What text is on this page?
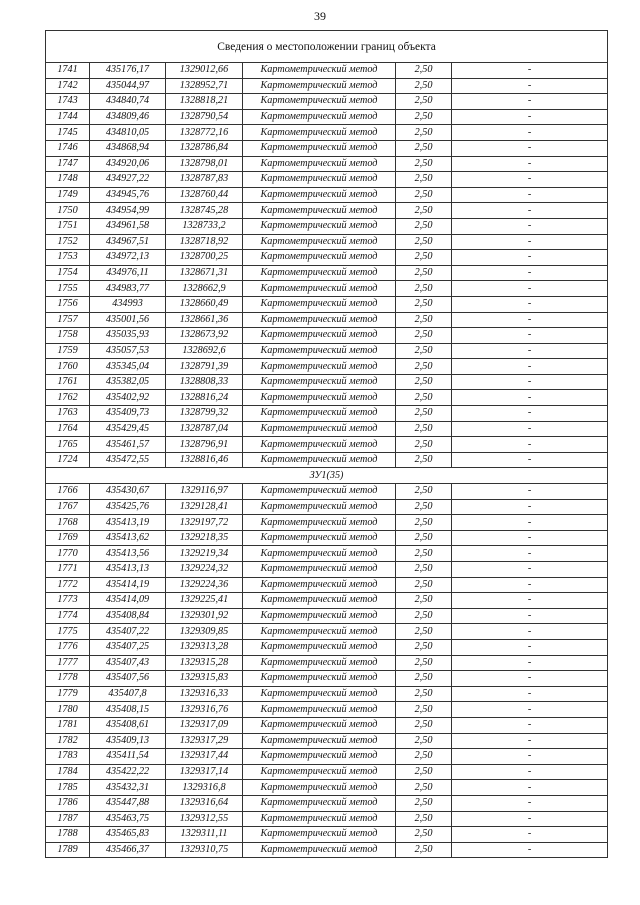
39
Сведения о местоположении границ объекта					
1741	435176,17	1329012,66	Картометрический метод	2,50	-
1742	435044,97	1328952,71	Картометрический метод	2,50	-
1743	434840,74	1328818,21	Картометрический метод	2,50	-
1744	434809,46	1328790,54	Картометрический метод	2,50	-
1745	434810,05	1328772,16	Картометрический метод	2,50	-
1746	434868,94	1328786,84	Картометрический метод	2,50	-
1747	434920,06	1328798,01	Картометрический метод	2,50	-
1748	434927,22	1328787,83	Картометрический метод	2,50	-
1749	434945,76	1328760,44	Картометрический метод	2,50	-
1750	434954,99	1328745,28	Картометрический метод	2,50	-
1751	434961,58	1328733,2	Картометрический метод	2,50	-
1752	434967,51	1328718,92	Картометрический метод	2,50	-
1753	434972,13	1328700,25	Картометрический метод	2,50	-
1754	434976,11	1328671,31	Картометрический метод	2,50	-
1755	434983,77	1328662,9	Картометрический метод	2,50	-
1756	434993	1328660,49	Картометрический метод	2,50	-
1757	435001,56	1328661,36	Картометрический метод	2,50	-
1758	435035,93	1328673,92	Картометрический метод	2,50	-
1759	435057,53	1328692,6	Картометрический метод	2,50	-
1760	435345,04	1328791,39	Картометрический метод	2,50	-
1761	435382,05	1328808,33	Картометрический метод	2,50	-
1762	435402,92	1328816,24	Картометрический метод	2,50	-
1763	435409,73	1328799,32	Картометрический метод	2,50	-
1764	435429,45	1328787,04	Картометрический метод	2,50	-
1765	435461,57	1328796,91	Картометрический метод	2,50	-
1724	435472,55	1328816,46	Картометрический метод	2,50	-
ЗУ1(35)					
1766	435430,67	1329116,97	Картометрический метод	2,50	-
1767	435425,76	1329128,41	Картометрический метод	2,50	-
1768	435413,19	1329197,72	Картометрический метод	2,50	-
1769	435413,62	1329218,35	Картометрический метод	2,50	-
1770	435413,56	1329219,34	Картометрический метод	2,50	-
1771	435413,13	1329224,32	Картометрический метод	2,50	-
1772	435414,19	1329224,36	Картометрический метод	2,50	-
1773	435414,09	1329225,41	Картометрический метод	2,50	-
1774	435408,84	1329301,92	Картометрический метод	2,50	-
1775	435407,22	1329309,85	Картометрический метод	2,50	-
1776	435407,25	1329313,28	Картометрический метод	2,50	-
1777	435407,43	1329315,28	Картометрический метод	2,50	-
1778	435407,56	1329315,83	Картометрический метод	2,50	-
1779	435407,8	1329316,33	Картометрический метод	2,50	-
1780	435408,15	1329316,76	Картометрический метод	2,50	-
1781	435408,61	1329317,09	Картометрический метод	2,50	-
1782	435409,13	1329317,29	Картометрический метод	2,50	-
1783	435411,54	1329317,44	Картометрический метод	2,50	-
1784	435422,22	1329317,14	Картометрический метод	2,50	-
1785	435432,31	1329316,8	Картометрический метод	2,50	-
1786	435447,88	1329316,64	Картометрический метод	2,50	-
1787	435463,75	1329312,55	Картометрический метод	2,50	-
1788	435465,83	1329311,11	Картометрический метод	2,50	-
1789	435466,37	1329310,75	Картометрический метод	2,50	-
